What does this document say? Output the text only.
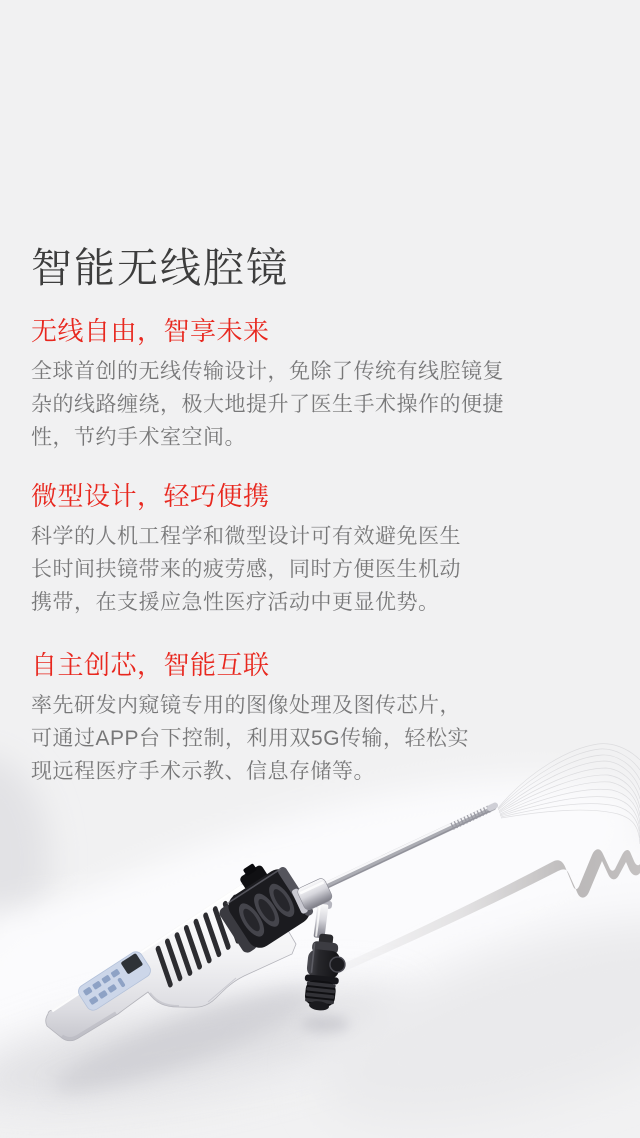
智能无线腔镜
无线自由，智享未来

全球首创的无线传输设计，免除了传统有线腔镜复
杂的线路缠绕，极大地提升了医生手术操作的便捷
性，节约手术室空间。

微型设计，轻巧便携

科学的人机工程学和微型设计可有效避免医生
长时间扶镜带来的疲劳感，同时方便医生机动
携带，在支援应急性医疗活动中更显优势。

自主创芯，智能互联

率先研发内窥镜专用的图像处理及图传芯片，
可通过APP台下控制，利用双5G传输，轻松实
现远程医疗手术示教、信息存储等。
